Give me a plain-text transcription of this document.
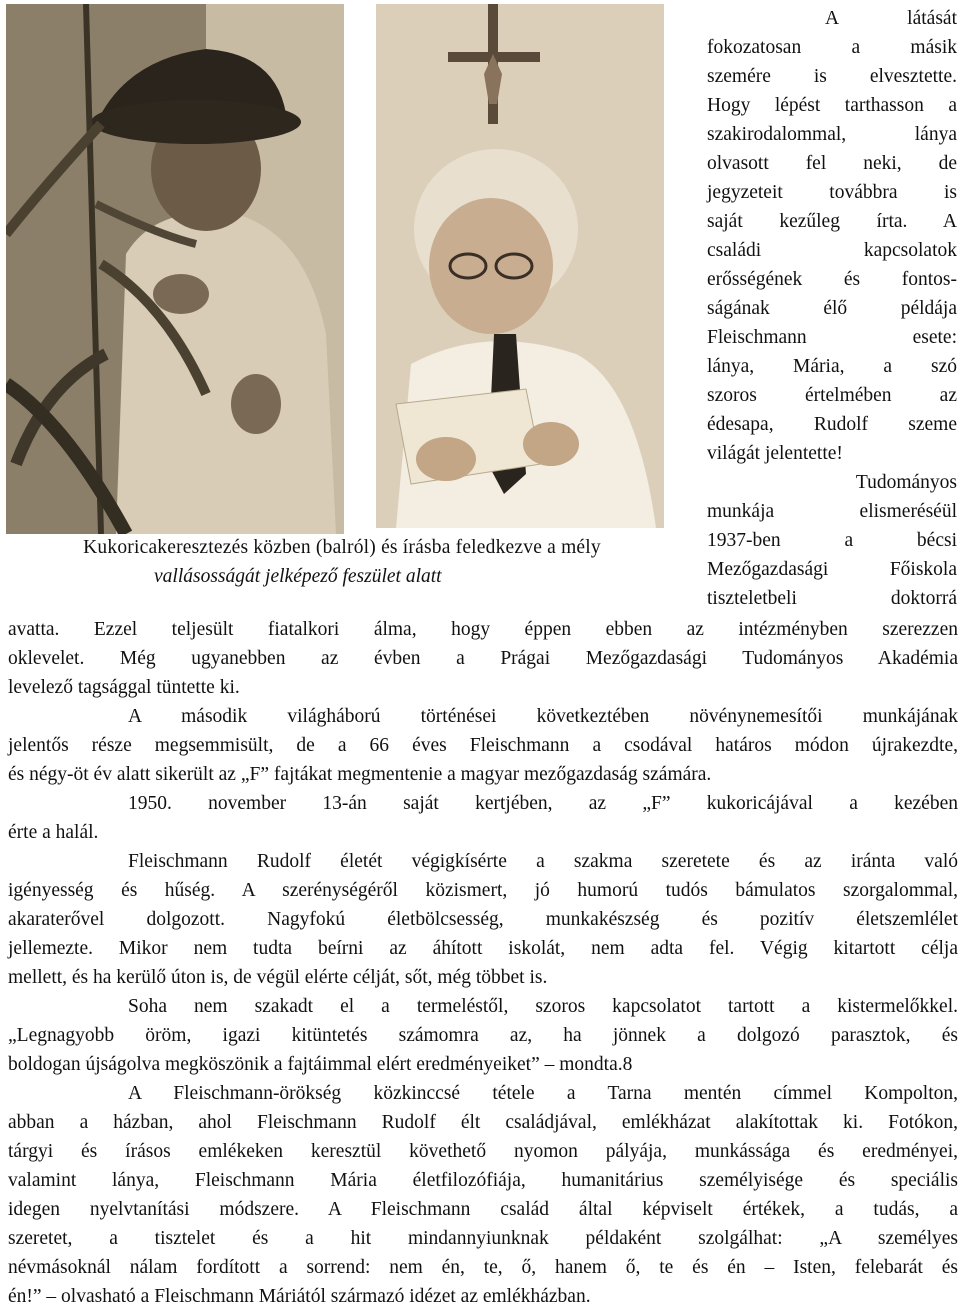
A látását
fokozatosan a másik
szemére is elvesztette.
Hogy lépést tarthasson a
szakirodalommal, lánya
olvasott fel neki, de
jegyzeteit továbbra is
saját kezűleg írta. A
családi kapcsolatok
erősségének és fontos-
ságának élő példája
Fleischmann esete:
lánya, Mária, a szó
szoros értelmében az
édesapa, Rudolf szeme
világát jelentette!
Tudományos
munkája elismeréséül
1937-ben a bécsi
Mezőgazdasági Főiskola
tiszteletbeli doktorrá
Kukoricakeresztezés közben (balról) és írásba feledkezve a mély
vallásosságát jelképező feszület alatt
avatta. Ezzel teljesült fiatalkori álma, hogy éppen ebben az intézményben szerezzen
oklevelet. Még ugyanebben az évben a Prágai Mezőgazdasági Tudományos Akadémia
levelező tagsággal tüntette ki.
A második világháború történései következtében növénynemesítői munkájának
jelentős része megsemmisült, de a 66 éves Fleischmann a csodával határos módon újrakezdte,
és négy-öt év alatt sikerült az „F” fajtákat megmentenie a magyar mezőgazdaság számára.
1950. november 13-án saját kertjében, az „F” kukoricájával a kezében
érte a halál.
Fleischmann Rudolf életét végigkísérte a szakma szeretete és az iránta való
igényesség és hűség. A szerénységéről közismert, jó humorú tudós bámulatos szorgalommal,
akaraterővel dolgozott. Nagyfokú életbölcsesség, munkakészség és pozitív életszemlélet
jellemezte. Mikor nem tudta beírni az áhított iskolát, nem adta fel. Végig kitartott célja
mellett, és ha kerülő úton is, de végül elérte célját, sőt, még többet is.
Soha nem szakadt el a termeléstől, szoros kapcsolatot tartott a kistermelőkkel.
„Legnagyobb öröm, igazi kitüntetés számomra az, ha jönnek a dolgozó parasztok, és
boldogan újságolva megköszönik a fajtáimmal elért eredményeiket” – mondta.8
A Fleischmann-örökség közkinccsé tétele a Tarna mentén címmel Kompolton,
abban a házban, ahol Fleischmann Rudolf élt családjával, emlékházat alakítottak ki. Fotókon,
tárgyi és írásos emlékeken keresztül követhető nyomon pályája, munkássága és eredményei,
valamint lánya, Fleischmann Mária életfilozófiája, humanitárius személyisége és speciális
idegen nyelvtanítási módszere. A Fleischmann család által képviselt értékek, a tudás, a
szeretet, a tisztelet és a hit mindannyiunknak példaként szolgálhat: „A személyes
névmásoknál nálam fordított a sorrend: nem én, te, ő, hanem ő, te és én – Isten, felebarát és
én!” – olvasható a Fleischmann Máriától származó idézet az emlékházban.
